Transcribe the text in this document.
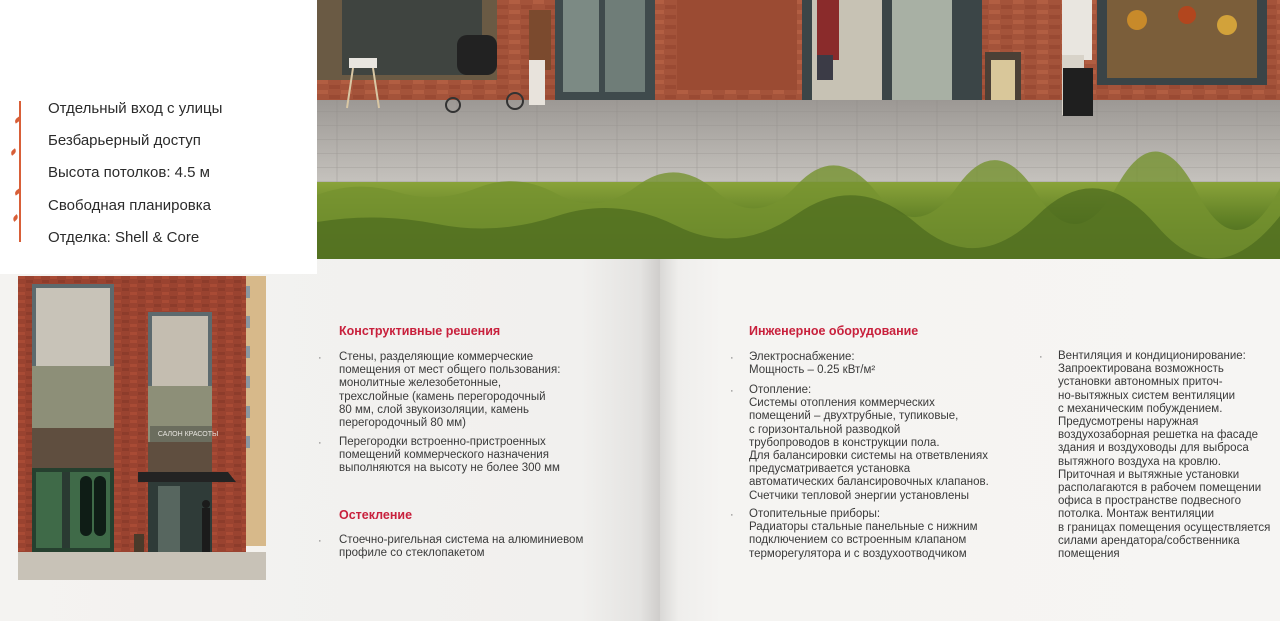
Отдельный вход с улицы
Безбарьерный доступ
Высота потолков: 4.5 м
Свободная планировка
Отделка: Shell & Core
САЛОН КРАСОТЫ
Конструктивные решения
· Стены, разделяющие коммерческие
помещения от мест общего пользования:
монолитные железобетонные,
трехслойные (камень перегородочный
80 мм, слой звукоизоляции, камень
перегородочный 80 мм)
· Перегородки встроенно-пристроенных
помещений коммерческого назначения
выполняются на высоту не более 300 мм
Остекление
· Стоечно-ригельная система на алюминиевом
профиле со стеклопакетом
Инженерное оборудование
· Электроснабжение:
Мощность – 0.25 кВт/м²
· Отопление:
Системы отопления коммерческих
помещений – двухтрубные, тупиковые,
с горизонтальной разводкой
трубопроводов в конструкции пола.
Для балансировки системы на ответвлениях
предусматривается установка
автоматических балансировочных клапанов.
Счетчики тепловой энергии установлены
· Отопительные приборы:
Радиаторы стальные панельные с нижним
подключением со встроенным клапаном
терморегулятора и с воздухоотводчиком
· Вентиляция и кондиционирование:
Запроектирована возможность
установки автономных приточ-
но-вытяжных систем вентиляции
с механическим побуждением.
Предусмотрены наружная
воздухозаборная решетка на фасаде
здания и воздуховоды для выброса
вытяжного воздуха на кровлю.
Приточная и вытяжные установки
располагаются в рабочем помещении
офиса в пространстве подвесного
потолка. Монтаж вентиляции
в границах помещения осуществляется
силами арендатора/собственника
помещения
